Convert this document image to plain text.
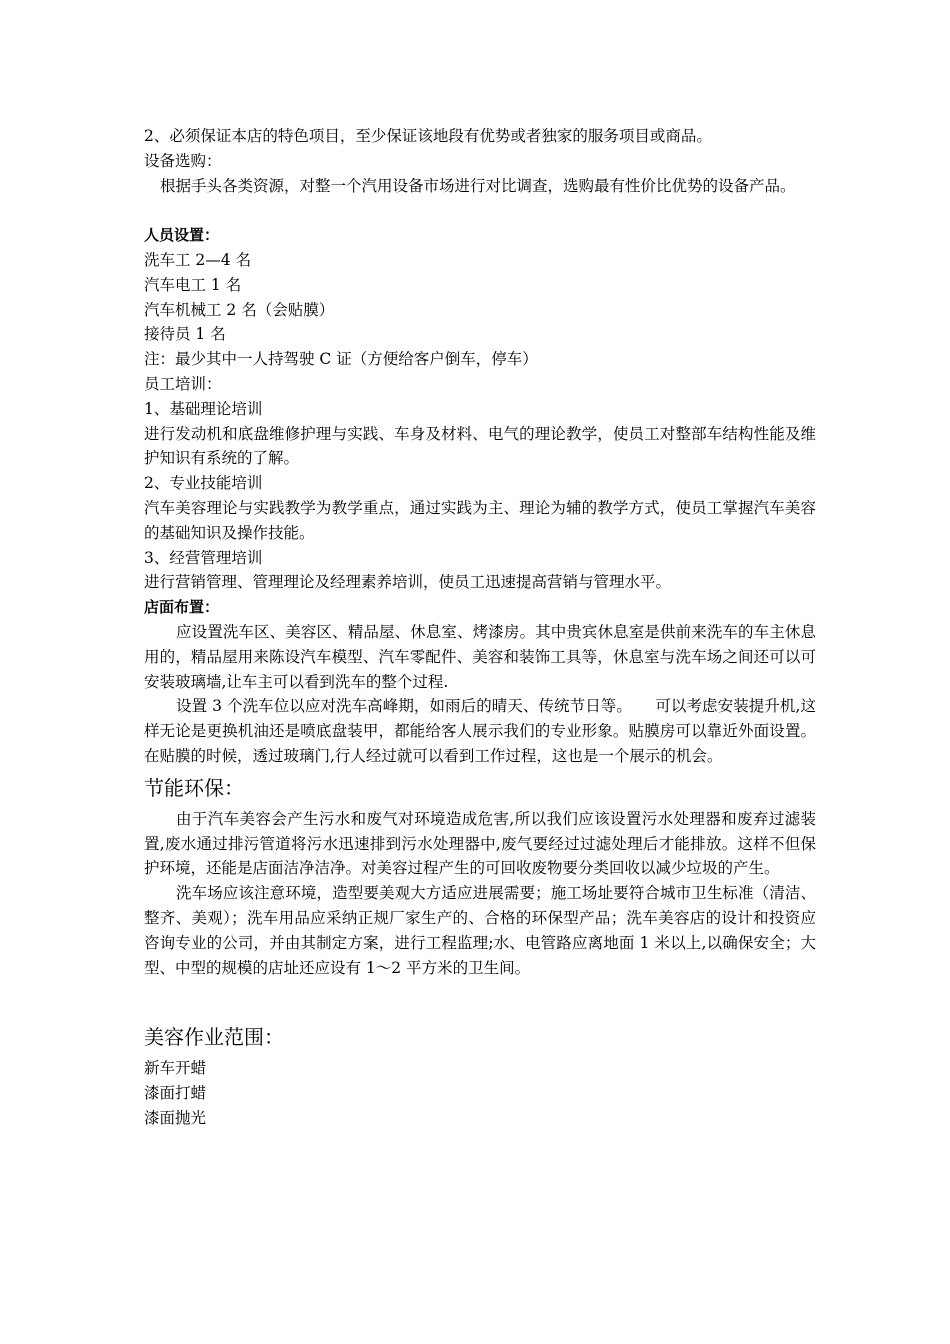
2、必须保证本店的特色项目，至少保证该地段有优势或者独家的服务项目或商品。

设备选购：

根据手头各类资源，对整一个汽用设备市场进行对比调查，选购最有性价比优势的设备产品。

人员设置：

洗车工 2—4 名

汽车电工 1 名

汽车机械工 2 名（会贴膜）

接待员 1 名

注：最少其中一人持驾驶 C 证（方便给客户倒车，停车）

员工培训：

1、基础理论培训

进行发动机和底盘维修护理与实践、车身及材料、电气的理论教学，使员工对整部车结构性能及维护知识有系统的了解。

2、专业技能培训

汽车美容理论与实践教学为教学重点，通过实践为主、理论为辅的教学方式，使员工掌握汽车美容的基础知识及操作技能。

3、经营管理培训

进行营销管理、管理理论及经理素养培训，使员工迅速提高营销与管理水平。

店面布置：

应设置洗车区、美容区、精品屋、休息室、烤漆房。其中贵宾休息室是供前来洗车的车主休息用的，精品屋用来陈设汽车模型、汽车零配件、美容和装饰工具等，休息室与洗车场之间还可以可安装玻璃墙,让车主可以看到洗车的整个过程.

设置 3 个洗车位以应对洗车高峰期，如雨后的晴天、传统节日等。　　可以考虑安装提升机,这样无论是更换机油还是喷底盘装甲，都能给客人展示我们的专业形象。贴膜房可以靠近外面设置。在贴膜的时候，透过玻璃门,行人经过就可以看到工作过程，这也是一个展示的机会。

节能环保：

由于汽车美容会产生污水和废气对环境造成危害,所以我们应该设置污水处理器和废弃过滤装置,废水通过排污管道将污水迅速排到污水处理器中,废气要经过过滤处理后才能排放。这样不但保护环境，还能是店面洁净洁净。对美容过程产生的可回收废物要分类回收以减少垃圾的产生。

洗车场应该注意环境，造型要美观大方适应进展需要；施工场址要符合城市卫生标准（清洁、整齐、美观）；洗车用品应采纳正规厂家生产的、合格的环保型产品；洗车美容店的设计和投资应咨询专业的公司，并由其制定方案，进行工程监理;水、电管路应离地面 1 米以上,以确保安全；大型、中型的规模的店址还应设有 1～2 平方米的卫生间。

美容作业范围：

新车开蜡

漆面打蜡

漆面抛光
